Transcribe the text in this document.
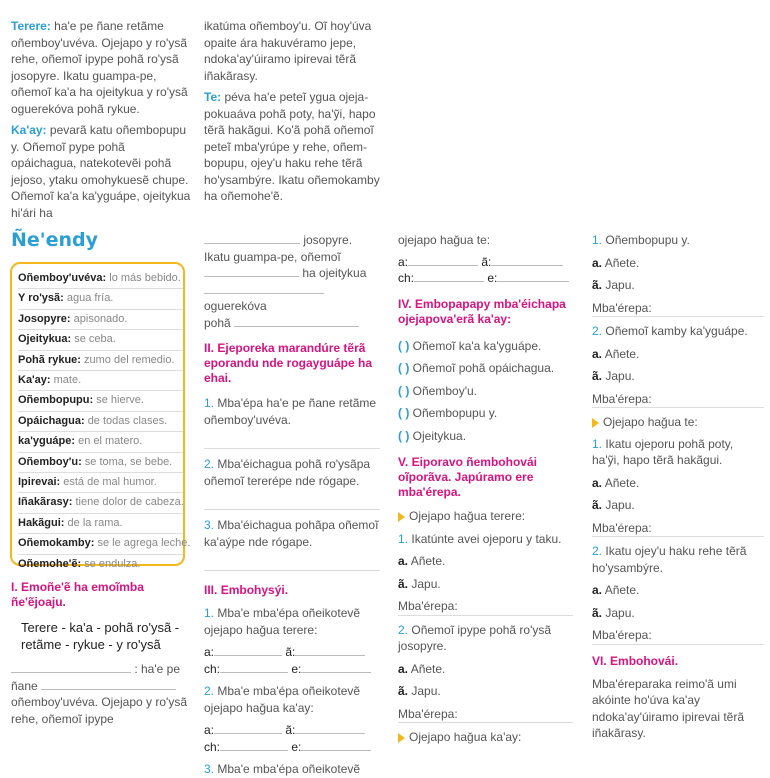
Terere: ha'e pe ñane retãme oñemboy'uvéva. Ojejapo y ro'ysã rehe, oñemoĩ ipype pohã ro'ysã josopyre. Ikatu guampa-pe, oñemoĩ ka'a ha ojeitykua y ro'ysã oguerekóva pohã rykue.

Ka'ay: pevarã katu oñembopupu y. Oñemoĩ pype pohã opáichagua, natekotevẽi pohã jejoso, ytaku omohykuesẽ chupe. Oñemoĩ ka'a ka'yguápe, ojeitykua hi'ári ha

ikatúma oñemboy'u. Oĩ hoy'úva opaite ára hakuvéramo jepe, ndoka'ay'úiramo ipirevai tẽrã iñakãrasy.

Te: péva ha'e peteĩ ygua ojeja-pokuaáva pohã poty, ha'ỹi, hapo tẽrã hakãgui. Ko'ã pohã oñemoĩ peteĩ mba'yrúpe y rehe, oñem-bopupu, ojey'u haku rehe tẽrã ho'ysambýre. Ikatu oñemokamby ha oñemohe'ẽ.

Ñe'endy
Oñemboy'uvéva: lo más bebido.
Y ro'ysã: agua fría.
Josopyre: apisonado.
Ojeitykua: se ceba.
Pohã rykue: zumo del remedio.
Ka'ay: mate.
Oñembopupu: se hierve.
Opáichagua: de todas clases.
ka'yguápe: en el matero.
Oñemboy'u: se toma, se bebe.
Ipirevai: está de mal humor.
Iñakãrasy: tiene dolor de cabeza.
Hakãgui: de la rama.
Oñemokamby: se le agrega leche.
Oñemohe'ẽ: se endulza.
I. Emoñe'ẽ ha emoĩmba ñe'ẽjoaju.
Terere - ka'a - pohã ro'ysã - retãme - rykue - y ro'ysã

: ha'e pe

ñane

oñemboy'uvéva. Ojejapo y ro'ysã rehe, oñemoĩ ipype

josopyre.

Ikatu guampa-pe, oñemoĩ

ha ojeitykua

oguerekóva

pohã

II. Ejeporeka marandúre tẽrã eporandu nde rogayguápe ha ehai.

1. Mba'épa ha'e pe ñane retãme oñemboy'uvéva.

2. Mba'éichagua pohã ro'ysãpa oñemoĩ tererépe nde rógape.

3. Mba'éichagua pohãpa oñemoĩ ka'aýpe nde rógape.

III. Embohysýi.

1. Mba'e mba'épa oñeikotevẽ ojejapo hağua terere:

a:	ã:

ch:	e:

2. Mba'e mba'épa oñeikotevẽ ojejapo hağua ka'ay:

a:	ã:

ch:	e:

3. Mba'e mba'épa oñeikotevẽ

ojejapo hağua te:

a:	ã:

ch:	e:

IV. Embopapapy mba'éichapa ojejapova'erã ka'ay:

( ) Oñemoĩ ka'a ka'yguápe.

( ) Oñemoĩ pohã opáichagua.

( ) Oñemboy'u.

( ) Oñembopupu y.

( ) Ojeitykua.

V. Eiporavo ñembohovái oĩporãva. Japúramo ere mba'érepa.

Ojejapo hağua terere:

1. Ikatúnte avei ojeporu y taku.

a. Añete.

ã. Japu.

Mba'érepa:

2. Oñemoĩ ipype pohã ro'ysã josopyre.

a. Añete.

ã. Japu.

Mba'érepa:

Ojejapo hağua ka'ay:

1. Oñembopupu y.

a. Añete.

ã. Japu.

Mba'érepa:

2. Oñemoĩ kamby ka'yguápe.

a. Añete.

ã. Japu.

Mba'érepa:

Ojejapo hağua te:

1. Ikatu ojeporu pohã poty, ha'ỹi, hapo tẽrã hakãgui.

a. Añete.

ã. Japu.

Mba'érepa:

2. Ikatu ojey'u haku rehe tẽrã ho'ysambýre.

a. Añete.

ã. Japu.

Mba'érepa:

VI. Embohovái.

Mba'éreparaka reimo'ã umi akóinte ho'úva ka'ay ndoka'ay'úiramo ipirevai tẽrã iñakãrasy.
